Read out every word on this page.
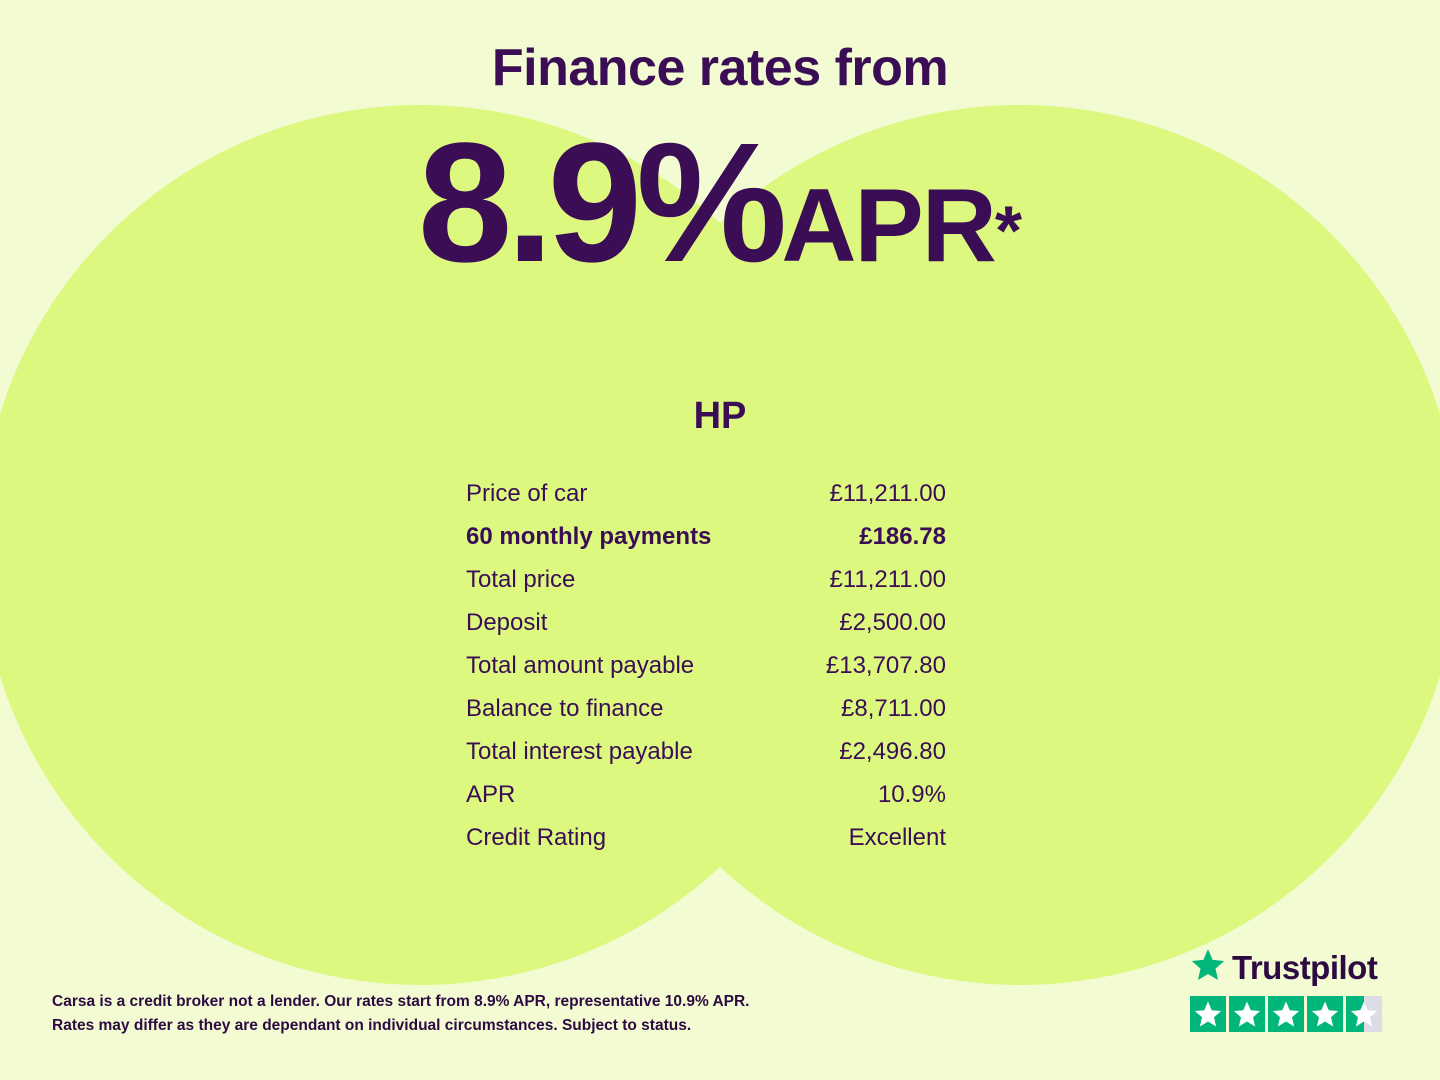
Finance rates from
8.9%APR*
HP
Price of car	£11,211.00
60 monthly payments	£186.78
Total price	£11,211.00
Deposit	£2,500.00
Total amount payable	£13,707.80
Balance to finance	£8,711.00
Total interest payable	£2,496.80
APR	10.9%
Credit Rating	Excellent
Carsa is a credit broker not a lender. Our rates start from 8.9% APR, representative 10.9% APR.
Rates may differ as they are dependant on individual circumstances. Subject to status.
Trustpilot
